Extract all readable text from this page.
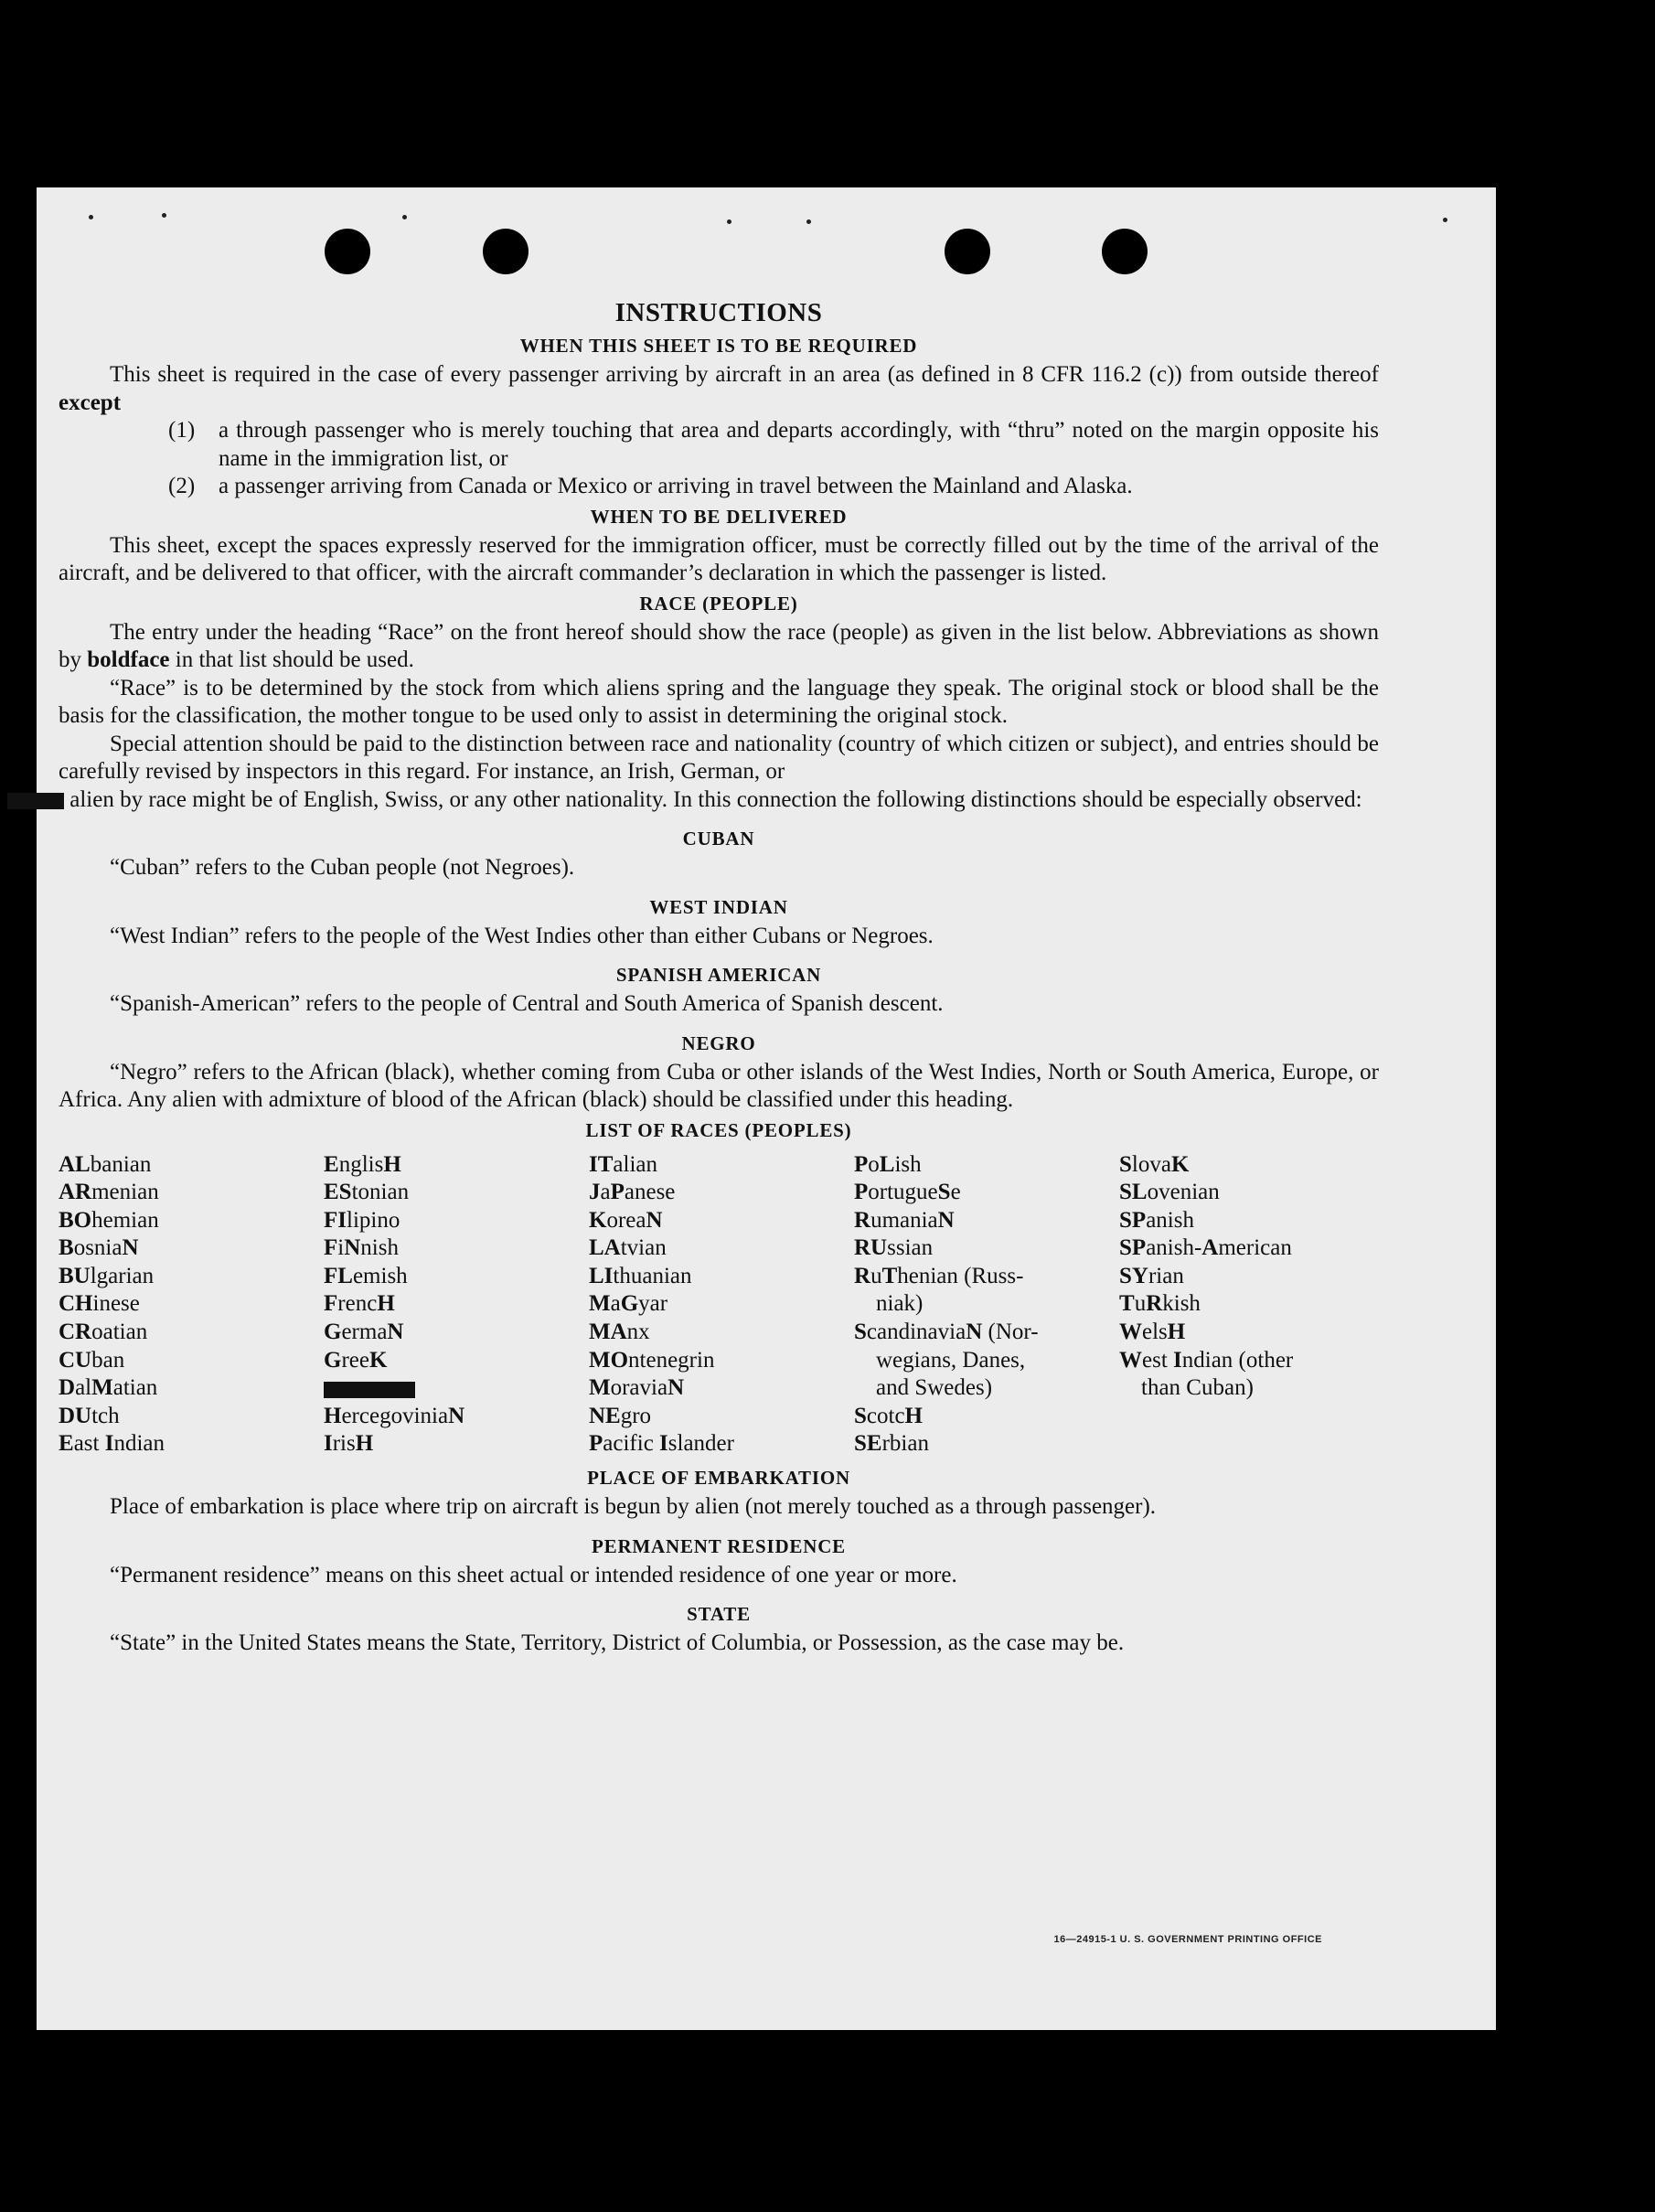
INSTRUCTIONS
WHEN THIS SHEET IS TO BE REQUIRED

This sheet is required in the case of every passenger arriving by aircraft in an area (as defined in 8 CFR 116.2 (c)) from outside thereof except

(1) a through passenger who is merely touching that area and departs accordingly, with “thru” noted on the margin opposite his name in the immigration list, or

(2) a passenger arriving from Canada or Mexico or arriving in travel between the Mainland and Alaska.

WHEN TO BE DELIVERED

This sheet, except the spaces expressly reserved for the immigration officer, must be correctly filled out by the time of the arrival of the aircraft, and be delivered to that officer, with the aircraft commander’s declaration in which the passenger is listed.

RACE (PEOPLE)

The entry under the heading “Race” on the front hereof should show the race (people) as given in the list below. Abbreviations as shown by boldface in that list should be used.

“Race” is to be determined by the stock from which aliens spring and the language they speak. The original stock or blood shall be the basis for the classification, the mother tongue to be used only to assist in determining the original stock.

Special attention should be paid to the distinction between race and nationality (country of which citizen or subject), and entries should be carefully revised by inspectors in this regard. For instance, an Irish, German, or
alien by race might be of English, Swiss, or any other nationality. In this connection the following distinctions should be especially observed:

CUBAN

“Cuban” refers to the Cuban people (not Negroes).

WEST INDIAN

“West Indian” refers to the people of the West Indies other than either Cubans or Negroes.

SPANISH AMERICAN

“Spanish-American” refers to the people of Central and South America of Spanish descent.

NEGRO

“Negro” refers to the African (black), whether coming from Cuba or other islands of the West Indies, North or South America, Europe, or Africa. Any alien with admixture of blood of the African (black) should be classified under this heading.

LIST OF RACES (PEOPLES)
ALbanian
ARmenian
BOhemian
BosniaN
BUlgarian
CHinese
CRoatian
CUban
DalMatian
DUtch
East Indian
EnglisH
EStonian
FIlipino
FiNnish
FLemish
FrencH
GermaN
GreeK
HercegoviniaN
IrisH
ITalian
JaPanese
KoreaN
LAtvian
LIthuanian
MaGyar
MAnx
MOntenegrin
MoraviaN
NEgro
Pacific Islander
PoLish
PortugueSe
RumaniaN
RUssian
RuThenian (Russ-
niak)
ScandinaviaN (Nor-
wegians, Danes,
and Swedes)
ScotcH
SErbian
SlovaK
SLovenian
SPanish
SPanish-American
SYrian
TuRkish
WelsH
West Indian (other
than Cuban)
PLACE OF EMBARKATION

Place of embarkation is place where trip on aircraft is begun by alien (not merely touched as a through passenger).

PERMANENT RESIDENCE

“Permanent residence” means on this sheet actual or intended residence of one year or more.

STATE

“State” in the United States means the State, Territory, District of Columbia, or Possession, as the case may be.

16—24915-1 U. S. GOVERNMENT PRINTING OFFICE
